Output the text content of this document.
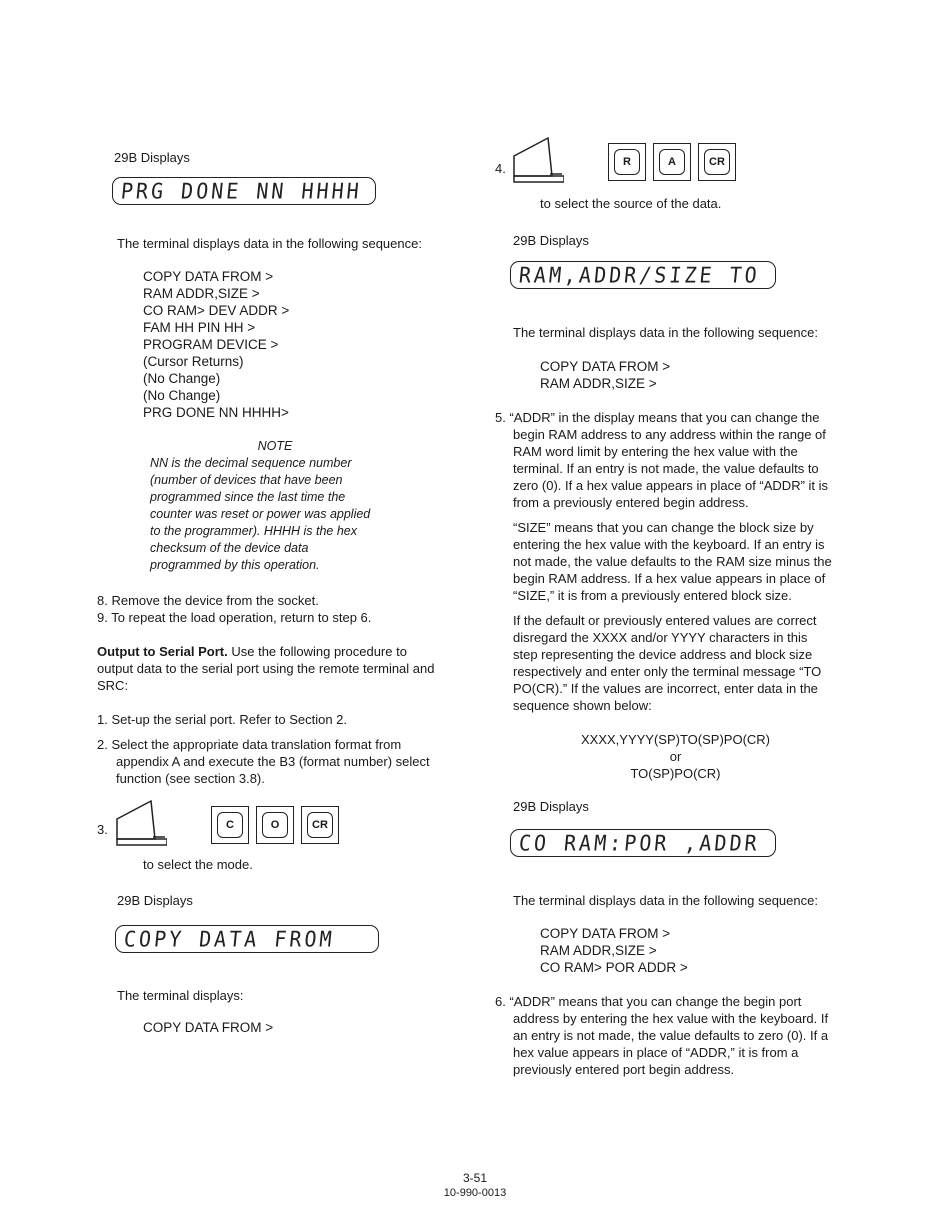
29B Displays
PRG DONE NN HHHH
The terminal displays data in the following sequence:
COPY DATA FROM >
RAM ADDR,SIZE >
CO RAM> DEV ADDR >
FAM HH PIN HH >
PROGRAM DEVICE >
(Cursor Returns)
(No Change)
(No Change)
PRG DONE NN HHHH>
NOTE
NN is the decimal sequence number
(number of devices that have been
programmed since the last time the
counter was reset or power was applied
to the programmer). HHHH is the hex
checksum of the device data
programmed by this operation.
8. Remove the device from the socket.
9. To repeat the load operation, return to step 6.
Output to Serial Port. Use the following procedure to
output data to the serial port using the remote terminal and
SRC:
1. Set-up the serial port. Refer to Section 2.
2. Select the appropriate data translation format from
appendix A and execute the B3 (format number) select
function (see section 3.8).
3.	C	O	CR
to select the mode.
29B Displays
COPY DATA FROM
The terminal displays:
COPY DATA FROM >
4.	R	A	CR
to select the source of the data.
29B Displays
RAM,ADDR/SIZE TO
The terminal displays data in the following sequence:
COPY DATA FROM >
RAM ADDR,SIZE >
5. “ADDR” in the display means that you can change the
begin RAM address to any address within the range of
RAM word limit by entering the hex value with the
terminal. If an entry is not made, the value defaults to
zero (0). If a hex value appears in place of “ADDR” it is
from a previously entered begin address.
“SIZE” means that you can change the block size by
entering the hex value with the keyboard. If an entry is
not made, the value defaults to the RAM size minus the
begin RAM address. If a hex value appears in place of
“SIZE,” it is from a previously entered block size.
If the default or previously entered values are correct
disregard the XXXX and/or YYYY characters in this
step representing the device address and block size
respectively and enter only the terminal message “TO
PO(CR).” If the values are incorrect, enter data in the
sequence shown below:
XXXX,YYYY(SP)TO(SP)PO(CR)
or
TO(SP)PO(CR)
29B Displays
CO RAM:POR ,ADDR
The terminal displays data in the following sequence:
COPY DATA FROM >
RAM ADDR,SIZE >
CO RAM> POR ADDR >
6. “ADDR” means that you can change the begin port
address by entering the hex value with the keyboard. If
an entry is not made, the value defaults to zero (0). If a
hex value appears in place of “ADDR,” it is from a
previously entered port begin address.
3-51
10-990-0013
